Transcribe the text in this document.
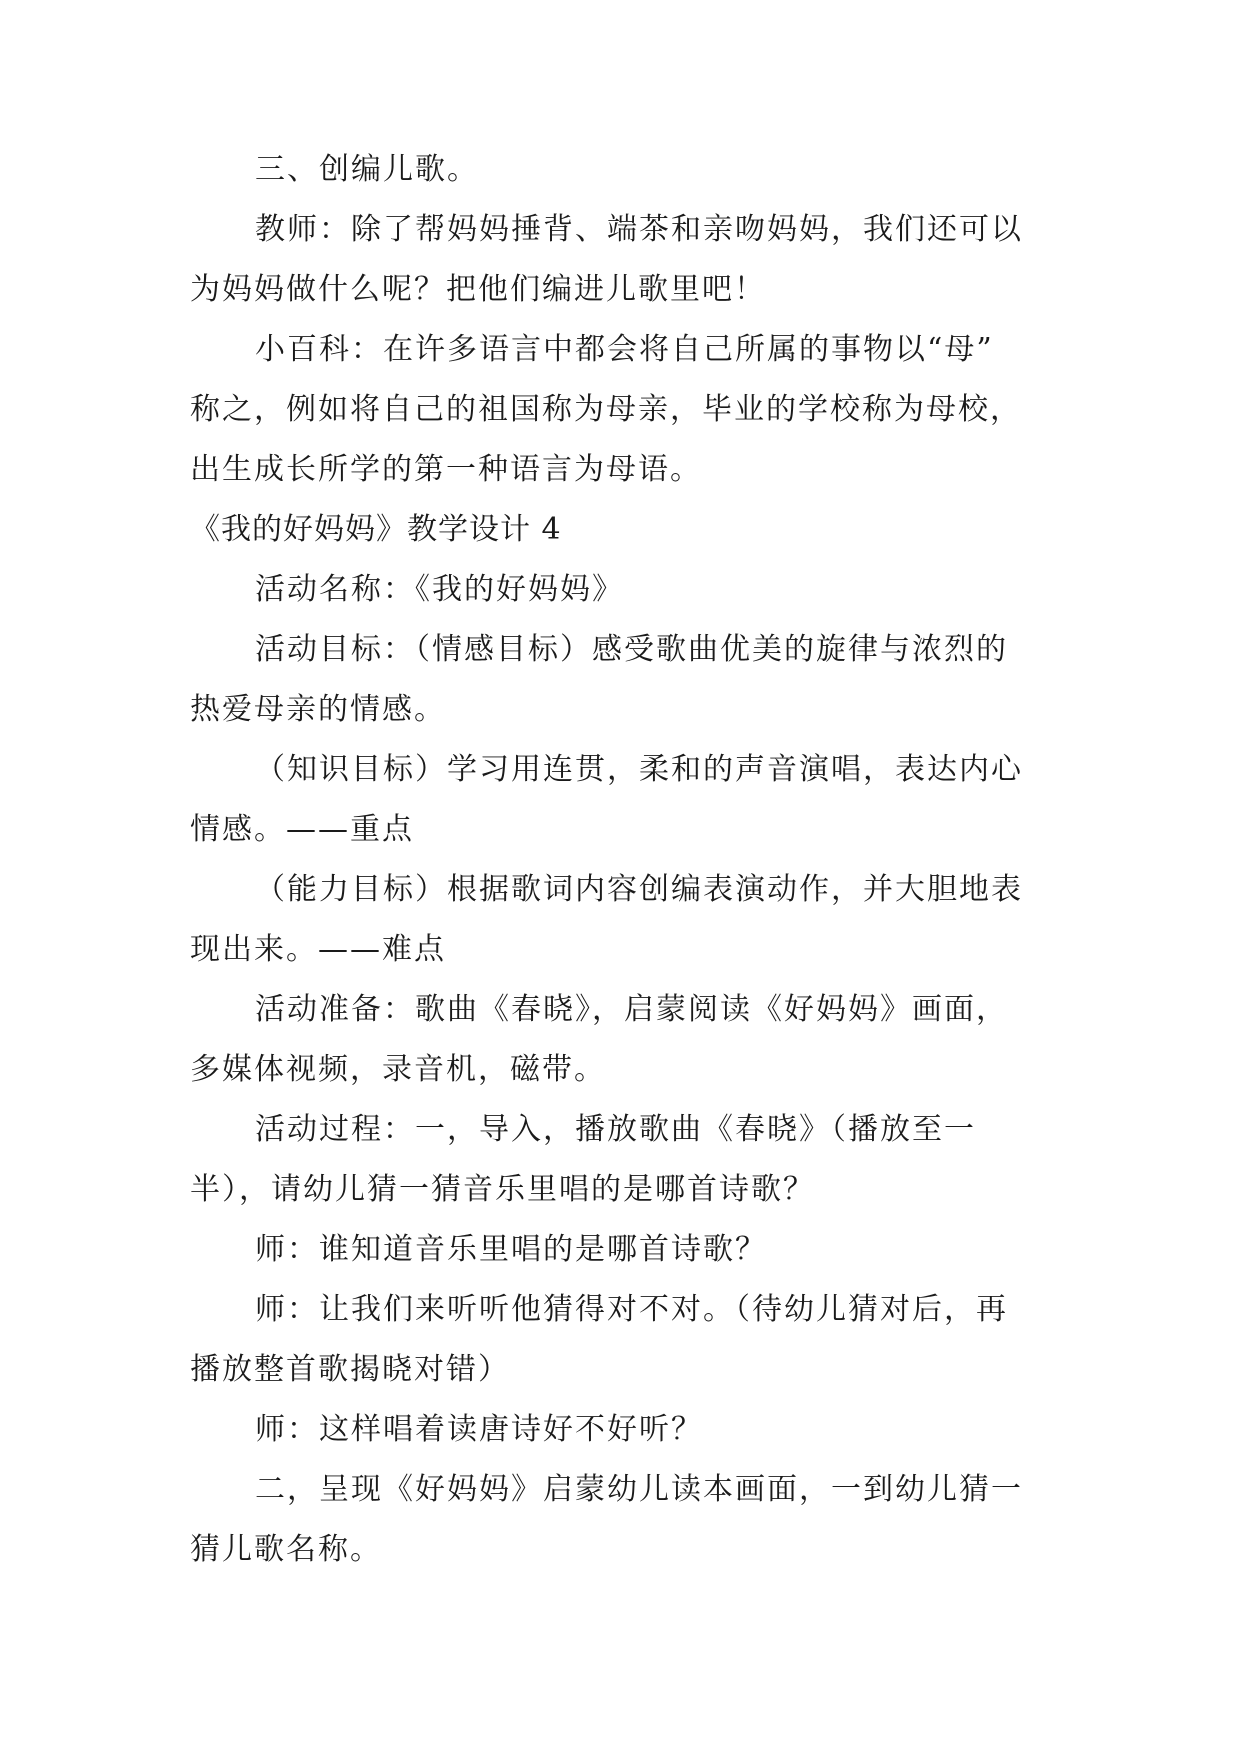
三、创编儿歌。
教师：除了帮妈妈捶背、端茶和亲吻妈妈，我们还可以
为妈妈做什么呢？把他们编进儿歌里吧！
小百科：在许多语言中都会将自己所属的事物以“母”
称之，例如将自己的祖国称为母亲，毕业的学校称为母校，
出生成长所学的第一种语言为母语。
《我的好妈妈》教学设计 4
活动名称：《我的好妈妈》
活动目标：（情感目标）感受歌曲优美的旋律与浓烈的
热爱母亲的情感。
（知识目标）学习用连贯，柔和的声音演唱，表达内心
情感。——重点
（能力目标）根据歌词内容创编表演动作，并大胆地表
现出来。——难点
活动准备：歌曲《春晓》，启蒙阅读《好妈妈》画面，
多媒体视频，录音机，磁带。
活动过程：一，导入，播放歌曲《春晓》（播放至一
半），请幼儿猜一猜音乐里唱的是哪首诗歌？
师：谁知道音乐里唱的是哪首诗歌？
师：让我们来听听他猜得对不对。（待幼儿猜对后，再
播放整首歌揭晓对错）
师：这样唱着读唐诗好不好听？
二，呈现《好妈妈》启蒙幼儿读本画面，一到幼儿猜一
猜儿歌名称。
